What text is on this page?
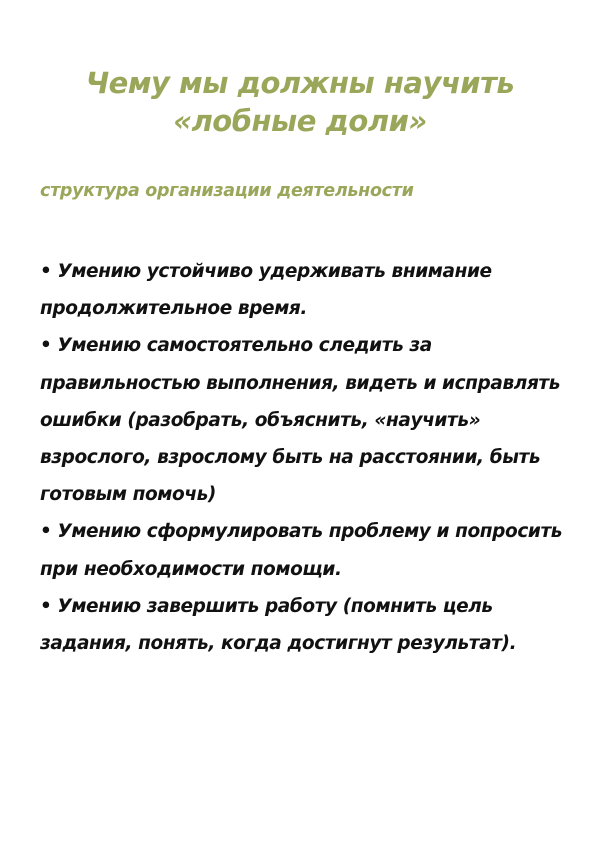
Чему мы должны научить
«лобные доли»

структура организации деятельности

• Умению устойчиво удерживать внимание продолжительное время.
• Умению самостоятельно следить за правильностью выполнения, видеть и исправлять ошибки (разобрать, объяснить, «научить» взрослого, взрослому быть на расстоянии, быть готовым помочь)
• Умению сформулировать проблему и попросить при необходимости помощи.
• Умению завершить работу (помнить цель задания, понять, когда достигнут результат).
